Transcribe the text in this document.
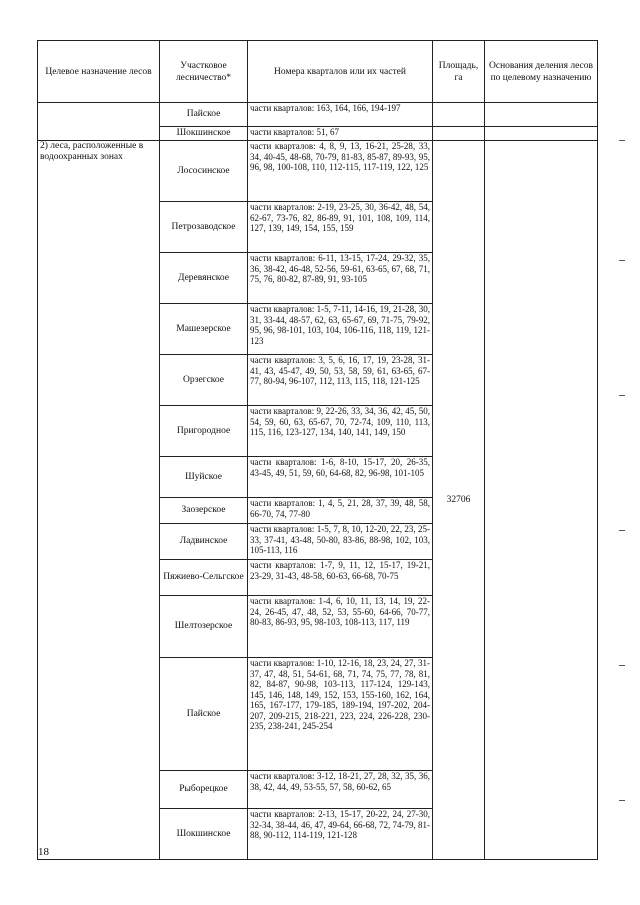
Целевое назначение лесов	Участковое лесничество*	Номера кварталов или их частей	Площадь, га	Основания деления лесов по целевому назначению
	Пайское	части кварталов: 163, 164, 166, 194-197		
	Шокшинское	части кварталов: 51, 67		
2) леса, расположенные в водоохранных зонах	Лососинское	части кварталов: 4, 8, 9, 13, 16-21, 25-28, 33, 34, 40-45, 48-68, 70-79, 81-83, 85-87, 89-93, 95, 96, 98, 100-108, 110, 112-115, 117-119, 122, 125	32706	
	Петрозаводское	части кварталов: 2-19, 23-25, 30, 36-42, 48, 54, 62-67, 73-76, 82, 86-89, 91, 101, 108, 109, 114, 127, 139, 149, 154, 155, 159		
	Деревянское	части кварталов: 6-11, 13-15, 17-24, 29-32, 35, 36, 38-42, 46-48, 52-56, 59-61, 63-65, 67, 68, 71, 75, 76, 80-82, 87-89, 91, 93-105		
	Машезерское	части кварталов: 1-5, 7-11, 14-16, 19, 21-28, 30, 31, 33-44, 48-57, 62, 63, 65-67, 69, 71-75, 79-92, 95, 96, 98-101, 103, 104, 106-116, 118, 119, 121-123		
	Орзегское	части кварталов: 3, 5, 6, 16, 17, 19, 23-28, 31-41, 43, 45-47, 49, 50, 53, 58, 59, 61, 63-65, 67-77, 80-94, 96-107, 112, 113, 115, 118, 121-125		
	Пригородное	части кварталов: 9, 22-26, 33, 34, 36, 42, 45, 50, 54, 59, 60, 63, 65-67, 70, 72-74, 109, 110, 113, 115, 116, 123-127, 134, 140, 141, 149, 150		
	Шуйское	части кварталов: 1-6, 8-10, 15-17, 20, 26-35, 43-45, 49, 51, 59, 60, 64-68, 82, 96-98, 101-105		
	Заозерское	части кварталов: 1, 4, 5, 21, 28, 37, 39, 48, 58, 66-70, 74, 77-80		
	Ладвинское	части кварталов: 1-5, 7, 8, 10, 12-20, 22, 23, 25-33, 37-41, 43-48, 50-80, 83-86, 88-98, 102, 103, 105-113, 116		
	Пяжиево-Сельгское	части кварталов: 1-7, 9, 11, 12, 15-17, 19-21, 23-29, 31-43, 48-58, 60-63, 66-68, 70-75		
	Шелтозерское	части кварталов: 1-4, 6, 10, 11, 13, 14, 19, 22-24, 26-45, 47, 48, 52, 53, 55-60, 64-66, 70-77, 80-83, 86-93, 95, 98-103, 108-113, 117, 119		
	Пайское	части кварталов: 1-10, 12-16, 18, 23, 24, 27, 31-37, 47, 48, 51, 54-61, 68, 71, 74, 75, 77, 78, 81, 82, 84-87, 90-98, 103-113, 117-124, 129-143, 145, 146, 148, 149, 152, 153, 155-160, 162, 164, 165, 167-177, 179-185, 189-194, 197-202, 204-207, 209-215, 218-221, 223, 224, 226-228, 230-235, 238-241, 245-254		
	Рыборецкое	части кварталов: 3-12, 18-21, 27, 28, 32, 35, 36, 38, 42, 44, 49, 53-55, 57, 58, 60-62, 65		
	Шокшинское	части кварталов: 2-13, 15-17, 20-22, 24, 27-30, 32-34, 38-44, 46, 47, 49-64, 66-68, 72, 74-79, 81-88, 90-112, 114-119, 121-128		
18
